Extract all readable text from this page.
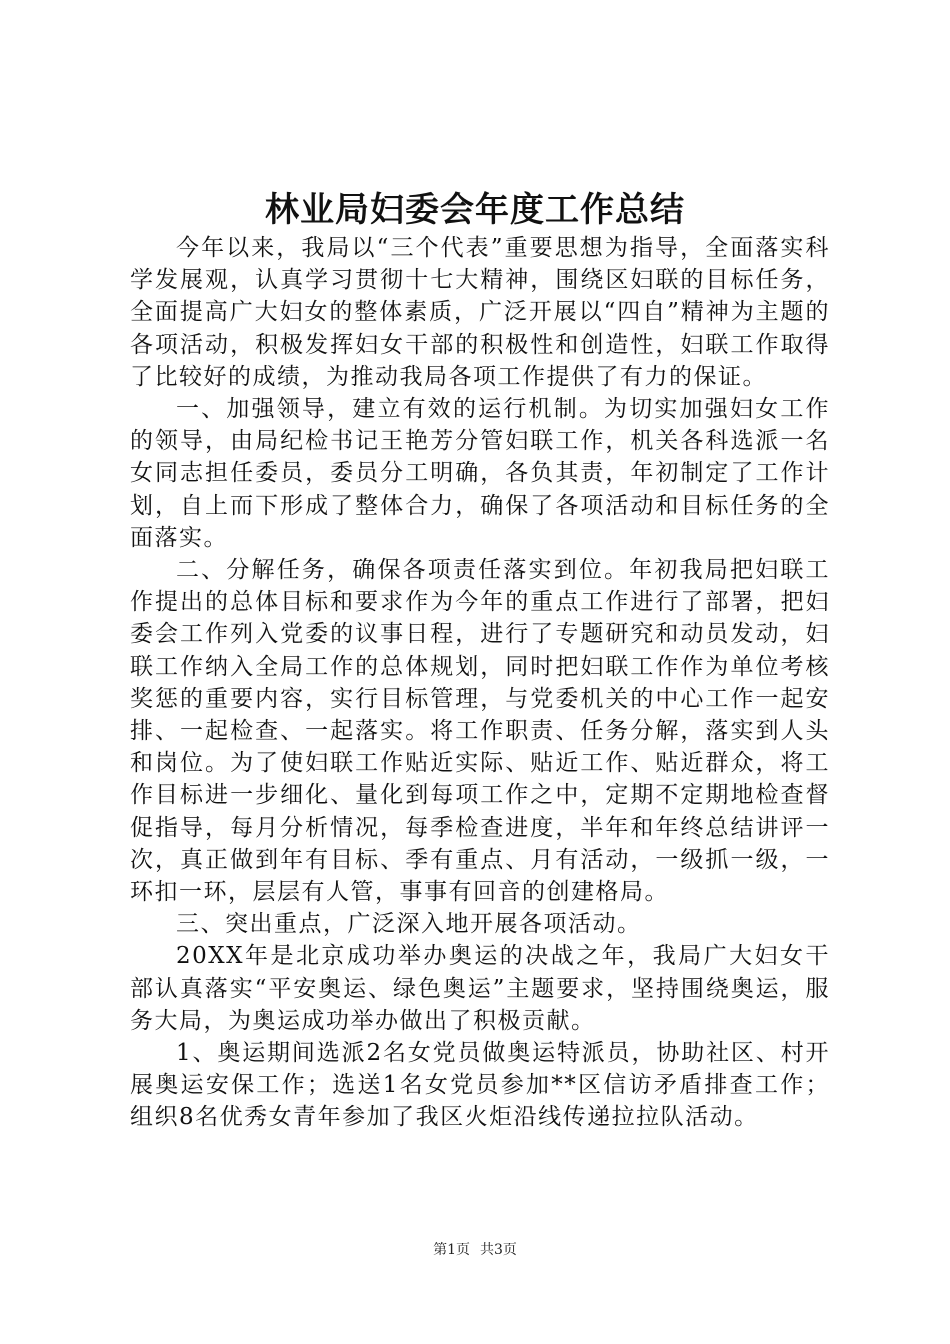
林业局妇委会年度工作总结

今年以来，我局以“三个代表”重要思想为指导，全面落实科学发展观，认真学习贯彻十七大精神，围绕区妇联的目标任务，全面提高广大妇女的整体素质，广泛开展以“四自”精神为主题的各项活动，积极发挥妇女干部的积极性和创造性，妇联工作取得了比较好的成绩，为推动我局各项工作提供了有力的保证。

一、加强领导，建立有效的运行机制。为切实加强妇女工作的领导，由局纪检书记王艳芳分管妇联工作，机关各科选派一名女同志担任委员，委员分工明确，各负其责，年初制定了工作计划，自上而下形成了整体合力，确保了各项活动和目标任务的全面落实。

二、分解任务，确保各项责任落实到位。年初我局把妇联工作提出的总体目标和要求作为今年的重点工作进行了部署，把妇委会工作列入党委的议事日程，进行了专题研究和动员发动，妇联工作纳入全局工作的总体规划，同时把妇联工作作为单位考核奖惩的重要内容，实行目标管理，与党委机关的中心工作一起安排、一起检查、一起落实。将工作职责、任务分解，落实到人头和岗位。为了使妇联工作贴近实际、贴近工作、贴近群众，将工作目标进一步细化、量化到每项工作之中，定期不定期地检查督促指导，每月分析情况，每季检查进度，半年和年终总结讲评一次，真正做到年有目标、季有重点、月有活动，一级抓一级，一环扣一环，层层有人管，事事有回音的创建格局。

三、突出重点，广泛深入地开展各项活动。

20XX年是北京成功举办奥运的决战之年，我局广大妇女干部认真落实“平安奥运、绿色奥运”主题要求，坚持围绕奥运，服务大局，为奥运成功举办做出了积极贡献。

1、奥运期间选派2名女党员做奥运特派员，协助社区、村开展奥运安保工作；选送1名女党员参加**区信访矛盾排查工作；组织8名优秀女青年参加了我区火炬沿线传递拉拉队活动。

第1页 共3页
